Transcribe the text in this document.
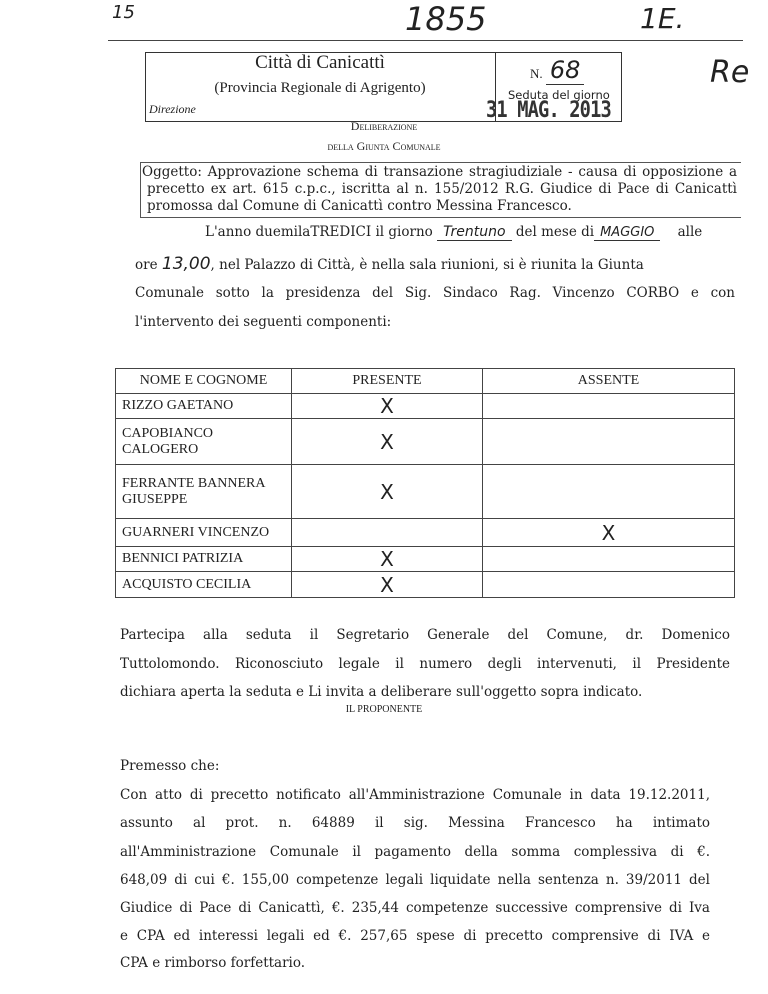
15	1855	1E.
Re
Città di Canicattì
(Provincia Regionale di Agrigento)
Direzione
N. 68
Seduta del giorno
31 MAG. 2013
Deliberazione
della Giunta Comunale
Oggetto: Approvazione schema di transazione stragiudiziale - causa di opposizione a
precetto ex art. 615 c.p.c., iscritta al n. 155/2012 R.G. Giudice di Pace di Canicattì
promossa dal Comune di Canicattì contro Messina Francesco.
L'anno duemilaTREDICI il giorno Trentuno del mese di MAGGIO alle
ore 13,00, nel Palazzo di Città, è nella sala riunioni, si è riunita la Giunta
Comunale sotto la presidenza del Sig. Sindaco Rag. Vincenzo CORBO e con
l'intervento dei seguenti componenti:
NOME E COGNOME	PRESENTE	ASSENTE
RIZZO GAETANO	X	
CAPOBIANCO
CALOGERO	X	
FERRANTE BANNERA
GIUSEPPE	X	
GUARNERI VINCENZO		X
BENNICI PATRIZIA	X	
ACQUISTO CECILIA	X	
Partecipa alla seduta il Segretario Generale del Comune, dr. Domenico
Tuttolomondo. Riconosciuto legale il numero degli intervenuti, il Presidente
dichiara aperta la seduta e Li invita a deliberare sull'oggetto sopra indicato.
IL PROPONENTE
Premesso che:
Con atto di precetto notificato all'Amministrazione Comunale in data 19.12.2011,
assunto al prot. n. 64889 il sig. Messina Francesco ha intimato
all'Amministrazione Comunale il pagamento della somma complessiva di €.
648,09 di cui €. 155,00 competenze legali liquidate nella sentenza n. 39/2011 del
Giudice di Pace di Canicattì, €. 235,44 competenze successive comprensive di Iva
e CPA ed interessi legali ed €. 257,65 spese di precetto comprensive di IVA e
CPA e rimborso forfettario.
